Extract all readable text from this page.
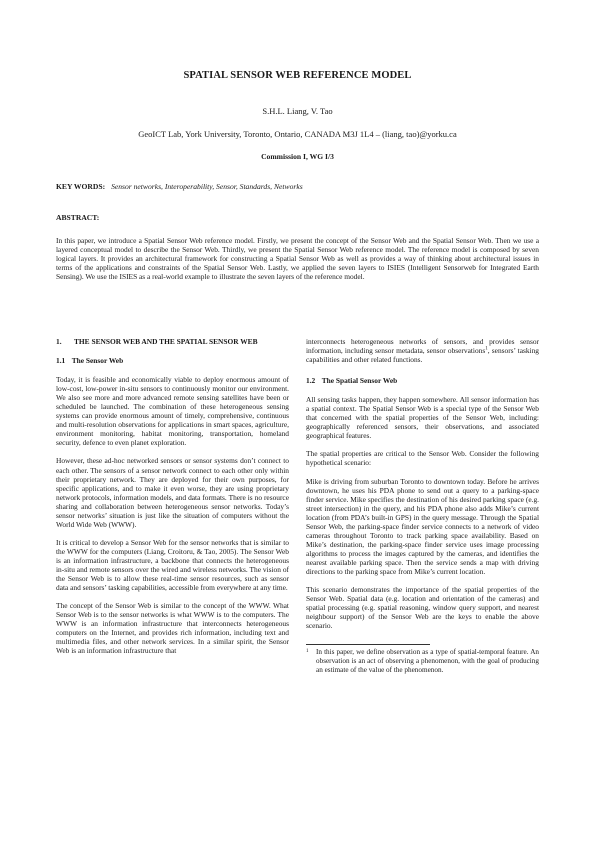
SPATIAL SENSOR WEB REFERENCE MODEL
S.H.L. Liang, V. Tao
GeoICT Lab, York University, Toronto, Ontario, CANADA M3J 1L4 – (liang, tao)@yorku.ca
Commission I, WG I/3
KEY WORDS: Sensor networks, Interoperability, Sensor, Standards, Networks
ABSTRACT:

In this paper, we introduce a Spatial Sensor Web reference model. Firstly, we present the concept of the Sensor Web and the Spatial Sensor Web. Then we use a layered conceptual model to describe the Sensor Web. Thirdly, we present the Spatial Sensor Web reference model. The reference model is composed by seven logical layers. It provides an architectural framework for constructing a Spatial Sensor Web as well as provides a way of thinking about architectural issues in terms of the applications and constraints of the Spatial Sensor Web. Lastly, we applied the seven layers to ISIES (Intelligent Sensorweb for Integrated Earth Sensing). We use the ISIES as a real-world example to illustrate the seven layers of the reference model.

1.	THE SENSOR WEB AND THE SPATIAL SENSOR WEB
1.1 The Sensor Web

Today, it is feasible and economically viable to deploy enormous amount of low-cost, low-power in-situ sensors to continuously monitor our environment. We also see more and more advanced remote sensing satellites have been or scheduled be launched. The combination of these heterogeneous sensing systems can provide enormous amount of timely, comprehensive, continuous and multi-resolution observations for applications in smart spaces, agriculture, environment monitoring, habitat monitoring, transportation, homeland security, defence to even planet exploration.

However, these ad-hoc networked sensors or sensor systems don’t connect to each other. The sensors of a sensor network connect to each other only within their proprietary network. They are deployed for their own purposes, for specific applications, and to make it even worse, they are using proprietary network protocols, information models, and data formats. There is no resource sharing and collaboration between heterogeneous sensor networks. Today’s sensor networks’ situation is just like the situation of computers without the World Wide Web (WWW).

It is critical to develop a Sensor Web for the sensor networks that is similar to the WWW for the computers (Liang, Croitoru, & Tao, 2005). The Sensor Web is an information infrastructure, a backbone that connects the heterogeneous in-situ and remote sensors over the wired and wireless networks. The vision of the Sensor Web is to allow these real-time sensor resources, such as sensor data and sensors’ tasking capabilities, accessible from everywhere at any time.

The concept of the Sensor Web is similar to the concept of the WWW. What Sensor Web is to the sensor networks is what WWW is to the computers. The WWW is an information infrastructure that interconnects heterogeneous computers on the Internet, and provides rich information, including text and multimedia files, and other network services. In a similar spirit, the Sensor Web is an information infrastructure that

interconnects heterogeneous networks of sensors, and provides sensor information, including sensor metadata, sensor observations$^1$, sensors’ tasking capabilities and other related functions.

1.2 The Spatial Sensor Web

All sensing tasks happen, they happen somewhere. All sensor information has a spatial context. The Spatial Sensor Web is a special type of the Sensor Web that concerned with the spatial properties of the Sensor Web, including: geographically referenced sensors, their observations, and associated geographical features.

The spatial properties are critical to the Sensor Web. Consider the following hypothetical scenario:

Mike is driving from suburban Toronto to downtown today. Before he arrives downtown, he uses his PDA phone to send out a query to a parking-space finder service. Mike specifies the destination of his desired parking space (e.g. street intersection) in the query, and his PDA phone also adds Mike’s current location (from PDA’s built-in GPS) in the query message. Through the Spatial Sensor Web, the parking-space finder service connects to a network of video cameras throughout Toronto to track parking space availability. Based on Mike’s destination, the parking-space finder service uses image processing algorithms to process the images captured by the cameras, and identifies the nearest available parking space. Then the service sends a map with driving directions to the parking space from Mike’s current location.

This scenario demonstrates the importance of the spatial properties of the Sensor Web. Spatial data (e.g. location and orientation of the cameras) and spatial processing (e.g. spatial reasoning, window query support, and nearest neighbour support) of the Sensor Web are the keys to enable the above scenario.

1 In this paper, we define observation as a type of spatial-temporal feature. An observation is an act of observing a phenomenon, with the goal of producing an estimate of the value of the phenomenon.
